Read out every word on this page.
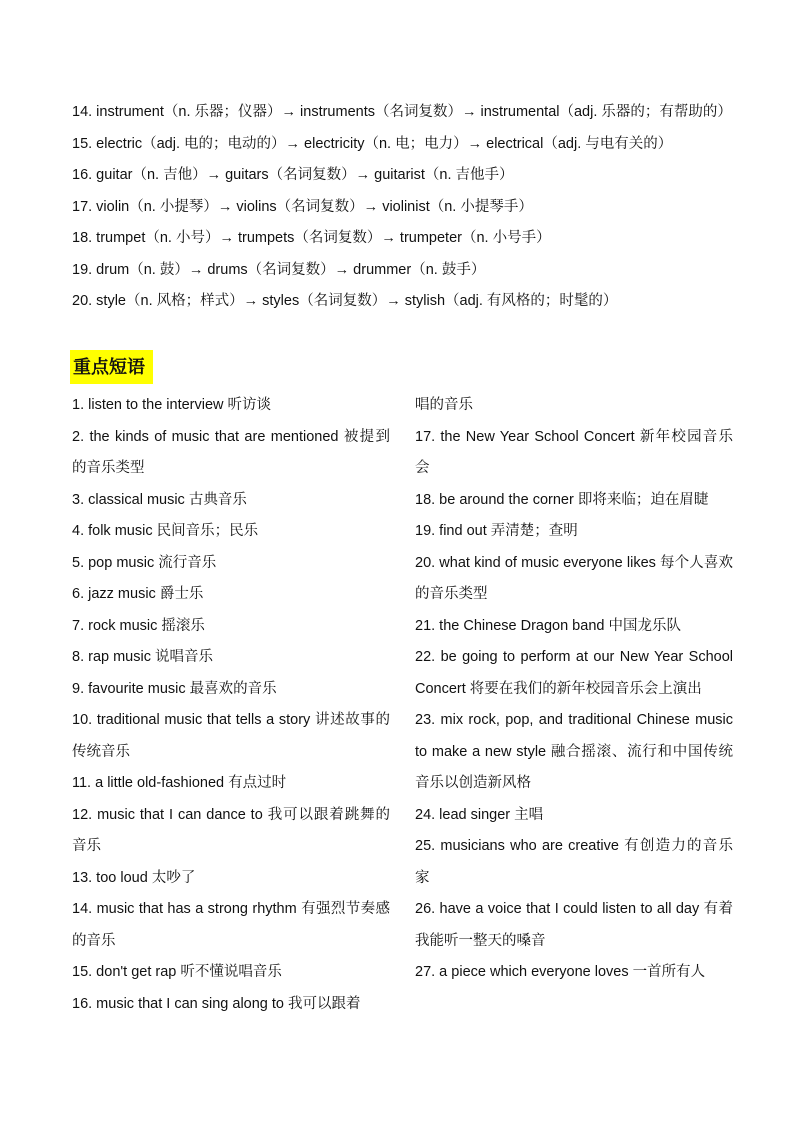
14. instrument（n. 乐器；仪器）→ instruments（名词复数）→ instrumental（adj. 乐器的；有帮助的）
15. electric（adj. 电的；电动的）→ electricity（n. 电；电力）→ electrical（adj. 与电有关的）
16. guitar（n. 吉他）→ guitars（名词复数）→ guitarist（n. 吉他手）
17. violin（n. 小提琴）→ violins（名词复数）→ violinist（n. 小提琴手）
18. trumpet（n. 小号）→ trumpets（名词复数）→ trumpeter（n. 小号手）
19. drum（n. 鼓）→ drums（名词复数）→ drummer（n. 鼓手）
20. style（n. 风格；样式）→ styles（名词复数）→ stylish（adj. 有风格的；时髦的）
重点短语
1. listen to the interview 听访谈
2. the kinds of music that are mentioned 被提到的音乐类型
3. classical music 古典音乐
4. folk music 民间音乐；民乐
5. pop music 流行音乐
6. jazz music 爵士乐
7. rock music 摇滚乐
8. rap music 说唱音乐
9. favourite music 最喜欢的音乐
10. traditional music that tells a story 讲述故事的传统音乐
11. a little old-fashioned 有点过时
12. music that I can dance to 我可以跟着跳舞的音乐
13. too loud 太吵了
14. music that has a strong rhythm 有强烈节奏感的音乐
15. don't get rap 听不懂说唱音乐
16. music that I can sing along to 我可以跟着
唱的音乐
17. the New Year School Concert 新年校园音乐会
18. be around the corner 即将来临；迫在眉睫
19. find out 弄清楚；查明
20. what kind of music everyone likes 每个人喜欢的音乐类型
21. the Chinese Dragon band 中国龙乐队
22. be going to perform at our New Year School Concert 将要在我们的新年校园音乐会上演出
23. mix rock, pop, and traditional Chinese music to make a new style 融合摇滚、流行和中国传统音乐以创造新风格
24. lead singer 主唱
25. musicians who are creative 有创造力的音乐家
26. have a voice that I could listen to all day 有着我能听一整天的嗓音
27. a piece which everyone loves 一首所有人
